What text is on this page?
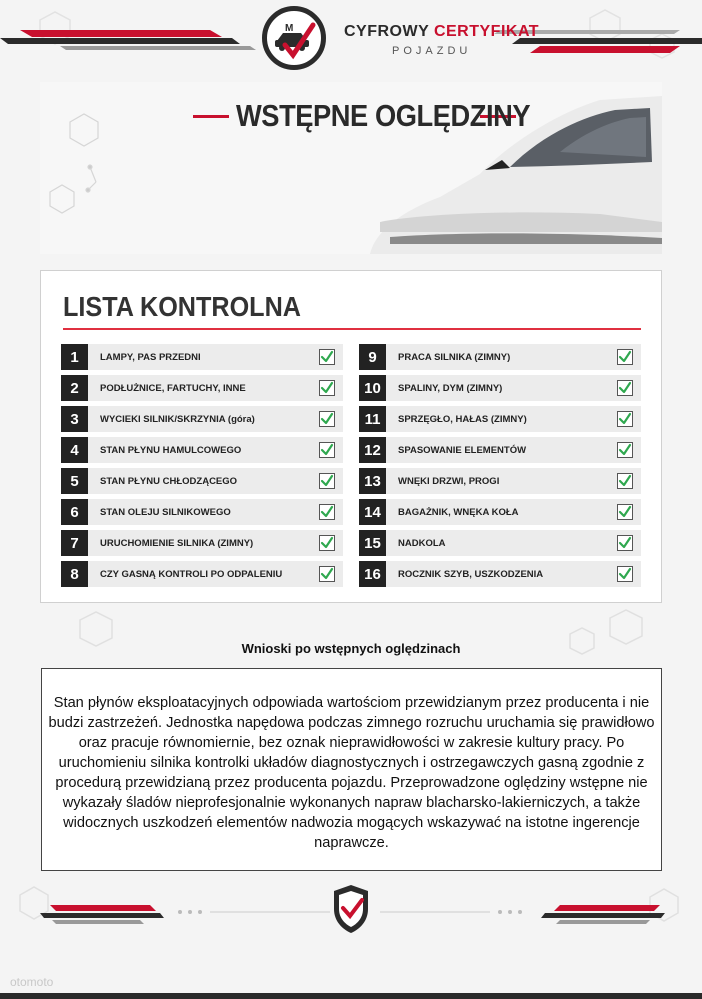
M	CYFROWY CERTYFIKAT
POJAZDU
WSTĘPNE OGLĘDZINY
LISTA KONTROLNA
1	LAMPY, PAS PRZEDNI
2	PODŁUŻNICE, FARTUCHY, INNE
3	WYCIEKI SILNIK/SKRZYNIA (góra)
4	STAN PŁYNU HAMULCOWEGO
5	STAN PŁYNU CHŁODZĄCEGO
6	STAN OLEJU SILNIKOWEGO
7	URUCHOMIENIE SILNIKA (ZIMNY)
8	CZY GASNĄ KONTROLI PO ODPALENIU
9	PRACA SILNIKA (ZIMNY)
10	SPALINY, DYM (ZIMNY)
11	SPRZĘGŁO, HAŁAS (ZIMNY)
12	SPASOWANIE ELEMENTÓW
13	WNĘKI DRZWI, PROGI
14	BAGAŻNIK, WNĘKA KOŁA
15	NADKOLA
16	ROCZNIK SZYB, USZKODZENIA
Wnioski po wstępnych oględzinach
Stan płynów eksploatacyjnych odpowiada wartościom przewidzianym przez producenta i nie budzi zastrzeżeń. Jednostka napędowa podczas zimnego rozruchu uruchamia się prawidłowo oraz pracuje równomiernie, bez oznak nieprawidłowości w zakresie kultury pracy. Po uruchomieniu silnika kontrolki układów diagnostycznych i ostrzegawczych gasną zgodnie z procedurą przewidzianą przez producenta pojazdu. Przeprowadzone oględziny wstępne nie wykazały śladów nieprofesjonalnie wykonanych napraw blacharsko-lakierniczych, a także widocznych uszkodzeń elementów nadwozia mogących wskazywać na istotne ingerencje naprawcze.
otomoto
